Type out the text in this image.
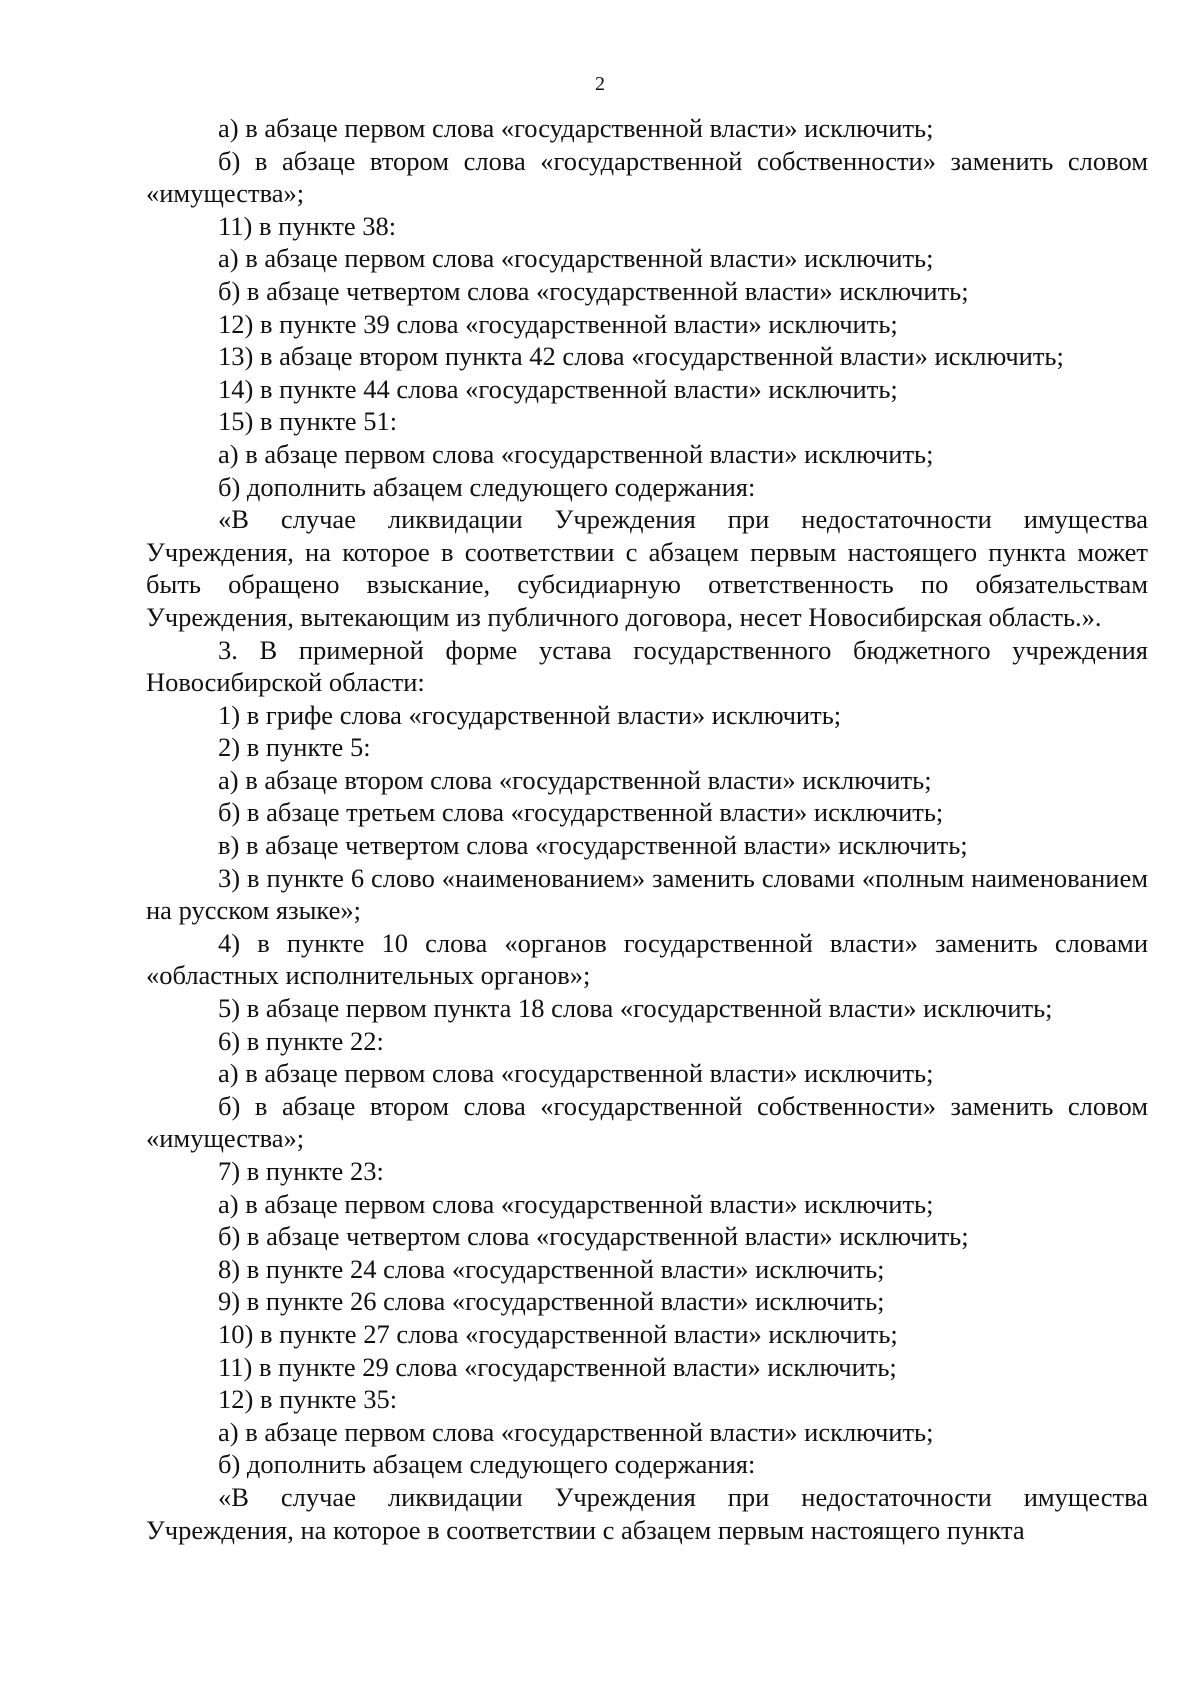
2

а) в абзаце первом слова «государственной власти» исключить;

б) в абзаце втором слова «государственной собственности» заменить словом «имущества»;

11) в пункте 38:

а) в абзаце первом слова «государственной власти» исключить;

б) в абзаце четвертом слова «государственной власти» исключить;

12) в пункте 39 слова «государственной власти» исключить;

13) в абзаце втором пункта 42 слова «государственной власти» исключить;

14) в пункте 44 слова «государственной власти» исключить;

15) в пункте 51:

а) в абзаце первом слова «государственной власти» исключить;

б) дополнить абзацем следующего содержания:

«В случае ликвидации Учреждения при недостаточности имущества Учреждения, на которое в соответствии с абзацем первым настоящего пункта может быть обращено взыскание, субсидиарную ответственность по обязательствам Учреждения, вытекающим из публичного договора, несет Новосибирская область.».

3. В примерной форме устава государственного бюджетного учреждения Новосибирской области:

1) в грифе слова «государственной власти» исключить;

2) в пункте 5:

а) в абзаце втором слова «государственной власти» исключить;

б) в абзаце третьем слова «государственной власти» исключить;

в) в абзаце четвертом слова «государственной власти» исключить;

3) в пункте 6 слово «наименованием» заменить словами «полным наименованием на русском языке»;

4) в пункте 10 слова «органов государственной власти» заменить словами «областных исполнительных органов»;

5) в абзаце первом пункта 18 слова «государственной власти» исключить;

6) в пункте 22:

а) в абзаце первом слова «государственной власти» исключить;

б) в абзаце втором слова «государственной собственности» заменить словом «имущества»;

7) в пункте 23:

а) в абзаце первом слова «государственной власти» исключить;

б) в абзаце четвертом слова «государственной власти» исключить;

8) в пункте 24 слова «государственной власти» исключить;

9) в пункте 26 слова «государственной власти» исключить;

10) в пункте 27 слова «государственной власти» исключить;

11) в пункте 29 слова «государственной власти» исключить;

12) в пункте 35:

а) в абзаце первом слова «государственной власти» исключить;

б) дополнить абзацем следующего содержания:

«В случае ликвидации Учреждения при недостаточности имущества Учреждения, на которое в соответствии с абзацем первым настоящего пункта
